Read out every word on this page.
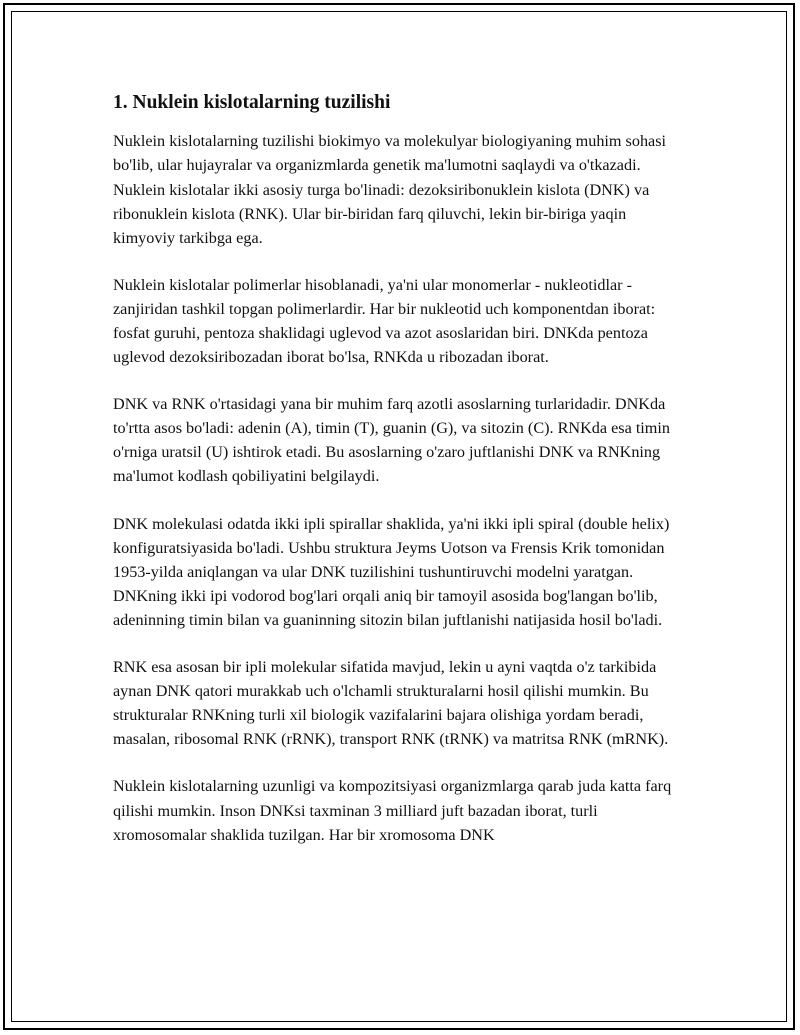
1. Nuklein kislotalarning tuzilishi

Nuklein kislotalarning tuzilishi biokimyo va molekulyar biologiyaning muhim sohasi bo'lib, ular hujayralar va organizmlarda genetik ma'lumotni saqlaydi va o'tkazadi. Nuklein kislotalar ikki asosiy turga bo'linadi: dezoksiribonuklein kislota (DNK) va ribonuklein kislota (RNK). Ular bir-biridan farq qiluvchi, lekin bir-biriga yaqin kimyoviy tarkibga ega.

Nuklein kislotalar polimerlar hisoblanadi, ya'ni ular monomerlar - nukleotidlar - zanjiridan tashkil topgan polimerlardir. Har bir nukleotid uch komponentdan iborat: fosfat guruhi, pentoza shaklidagi uglevod va azot asoslaridan biri. DNKda pentoza uglevod dezoksiribozadan iborat bo'lsa, RNKda u ribozadan iborat.

DNK va RNK o'rtasidagi yana bir muhim farq azotli asoslarning turlaridadir. DNKda to'rtta asos bo'ladi: adenin (A), timin (T), guanin (G), va sitozin (C). RNKda esa timin o'rniga uratsil (U) ishtirok etadi. Bu asoslarning o'zaro juftlanishi DNK va RNKning ma'lumot kodlash qobiliyatini belgilaydi.

DNK molekulasi odatda ikki ipli spirallar shaklida, ya'ni ikki ipli spiral (double helix) konfiguratsiyasida bo'ladi. Ushbu struktura Jeyms Uotson va Frensis Krik tomonidan 1953-yilda aniqlangan va ular DNK tuzilishini tushuntiruvchi modelni yaratgan. DNKning ikki ipi vodorod bog'lari orqali aniq bir tamoyil asosida bog'langan bo'lib, adeninning timin bilan va guaninning sitozin bilan juftlanishi natijasida hosil bo'ladi.

RNK esa asosan bir ipli molekular sifatida mavjud, lekin u ayni vaqtda o'z tarkibida aynan DNK qatori murakkab uch o'lchamli strukturalarni hosil qilishi mumkin. Bu strukturalar RNKning turli xil biologik vazifalarini bajara olishiga yordam beradi, masalan, ribosomal RNK (rRNK), transport RNK (tRNK) va matritsa RNK (mRNK).

Nuklein kislotalarning uzunligi va kompozitsiyasi organizmlarga qarab juda katta farq qilishi mumkin. Inson DNKsi taxminan 3 milliard juft bazadan iborat, turli xromosomalar shaklida tuzilgan. Har bir xromosoma DNK
